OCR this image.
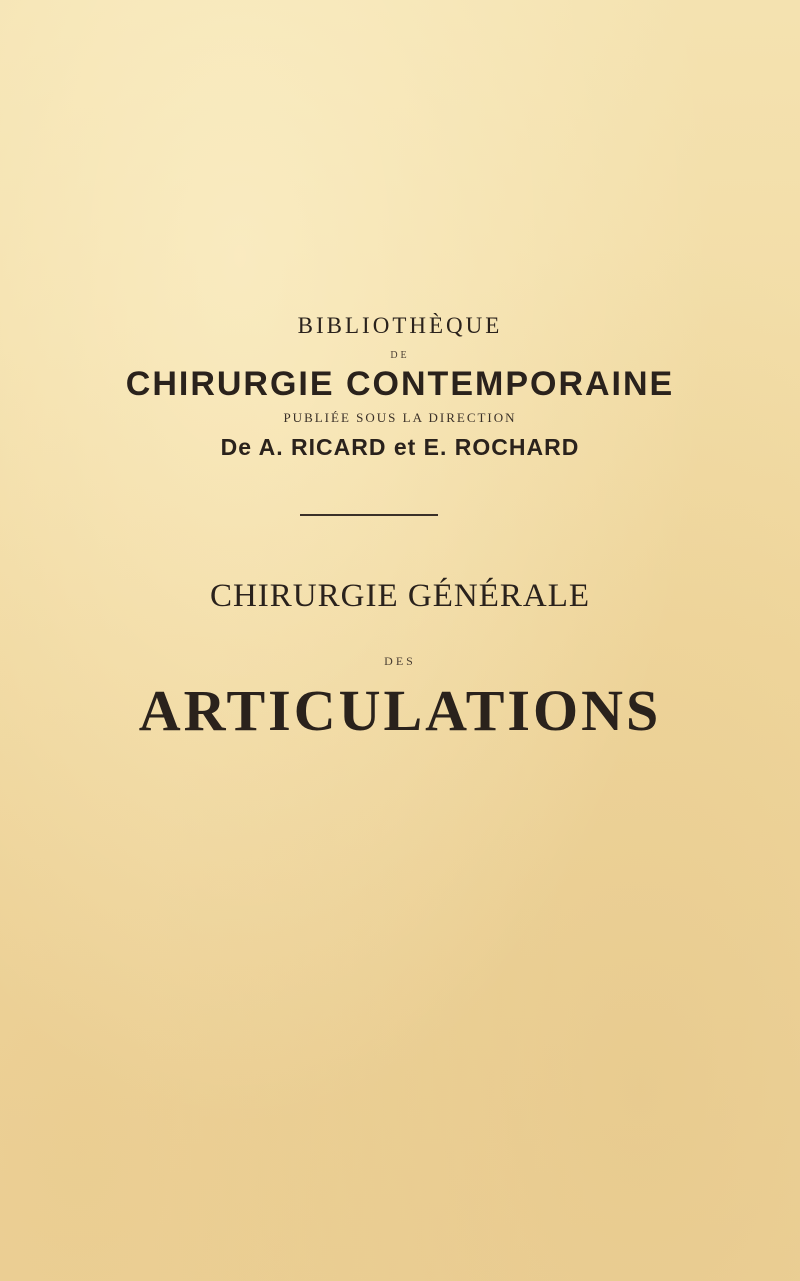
BIBLIOTHÈQUE

DE

CHIRURGIE CONTEMPORAINE

PUBLIÉE SOUS LA DIRECTION

De A. RICARD et E. ROCHARD

CHIRURGIE GÉNÉRALE

DES

ARTICULATIONS
